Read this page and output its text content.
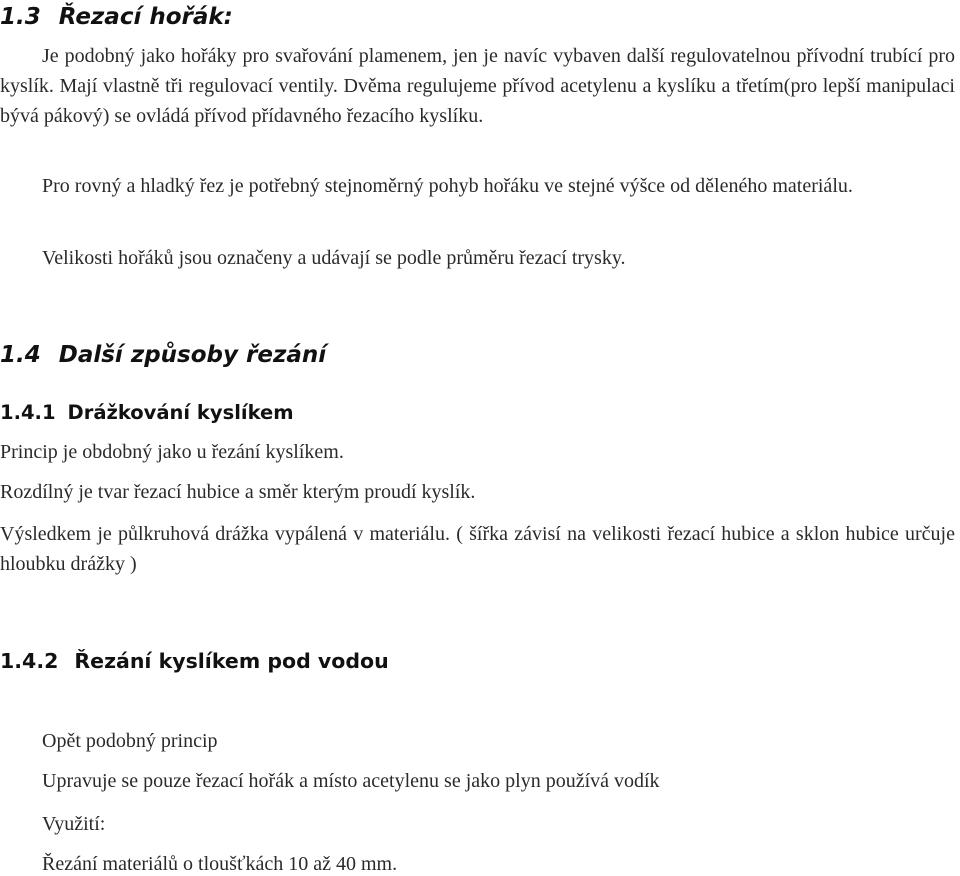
1.3 Řezací hořák:

Je podobný jako hořáky pro svařování plamenem, jen je navíc vybaven další regulovatelnou přívodní trubící pro kyslík. Mají vlastně tři regulovací ventily. Dvěma regulujeme přívod acetylenu a kyslíku a třetím(pro lepší manipulaci bývá pákový) se ovládá přívod přídavného řezacího kyslíku.

Pro rovný a hladký řez je potřebný stejnoměrný pohyb hořáku ve stejné výšce od děleného materiálu.

Velikosti hořáků jsou označeny a udávají se podle průměru řezací trysky.

1.4 Další způsoby řezání
1.4.1 Drážkování kyslíkem

Princip je obdobný jako u řezání kyslíkem.

Rozdílný je tvar řezací hubice a směr kterým proudí kyslík.

Výsledkem je půlkruhová drážka vypálená v materiálu. ( šířka závisí na velikosti řezací hubice a sklon hubice určuje hloubku drážky )

1.4.2 Řezání kyslíkem pod vodou

Opět podobný princip

Upravuje se pouze řezací hořák a místo acetylenu se jako plyn používá vodík

Využití:

Řezání materiálů o tloušťkách 10 až 40 mm.
